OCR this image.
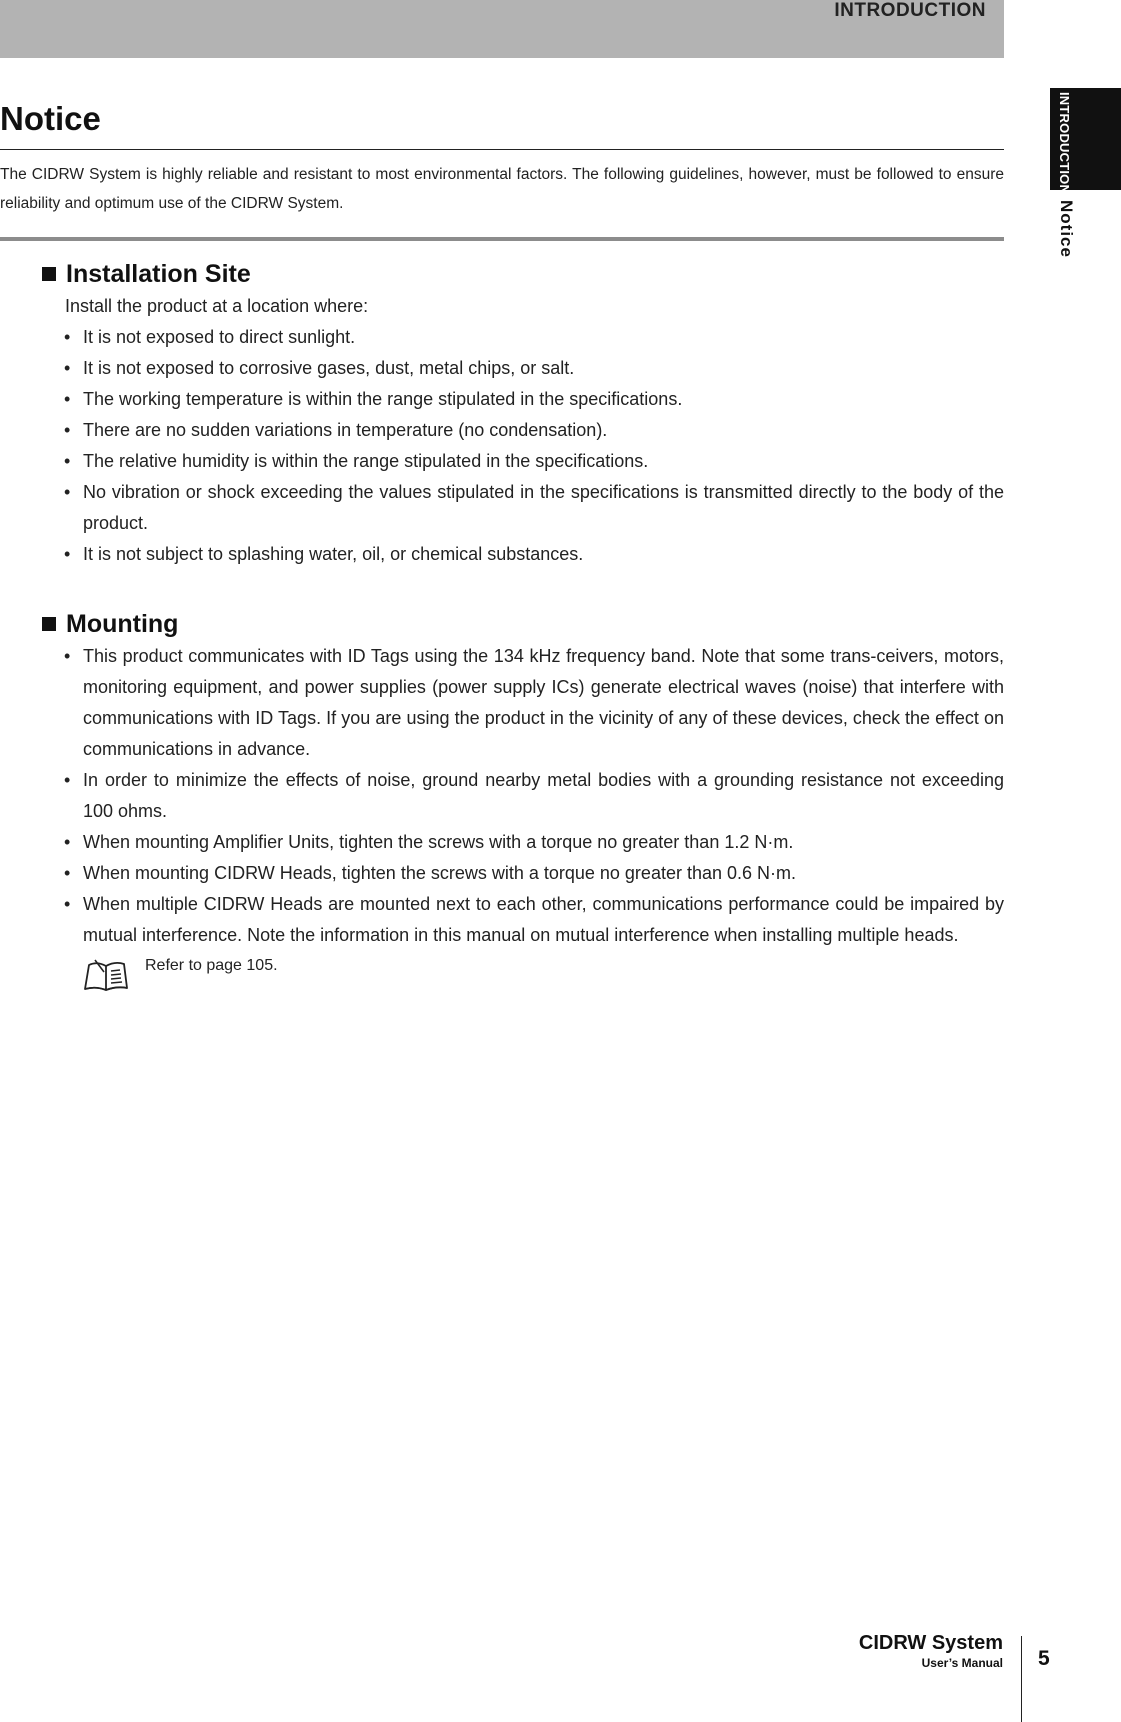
INTRODUCTION
INTRODUCTION
Notice
Notice

The CIDRW System is highly reliable and resistant to most environmental factors. The following guidelines, however, must be followed to ensure reliability and optimum use of the CIDRW System.

Installation Site

Install the product at a location where:

• It is not exposed to direct sunlight.
• It is not exposed to corrosive gases, dust, metal chips, or salt.
• The working temperature is within the range stipulated in the specifications.
• There are no sudden variations in temperature (no condensation).
• The relative humidity is within the range stipulated in the specifications.
• No vibration or shock exceeding the values stipulated in the specifications is transmitted directly to the body of the product.
• It is not subject to splashing water, oil, or chemical substances.
Mounting
• This product communicates with ID Tags using the 134 kHz frequency band. Note that some trans-ceivers, motors, monitoring equipment, and power supplies (power supply ICs) generate electrical waves (noise) that interfere with communications with ID Tags. If you are using the product in the vicinity of any of these devices, check the effect on communications in advance.
• In order to minimize the effects of noise, ground nearby metal bodies with a grounding resistance not exceeding 100 ohms.
• When mounting Amplifier Units, tighten the screws with a torque no greater than 1.2 N·m.
• When mounting CIDRW Heads, tighten the screws with a torque no greater than 0.6 N·m.
• When multiple CIDRW Heads are mounted next to each other, communications performance could be impaired by mutual interference. Note the information in this manual on mutual interference when installing multiple heads.
Refer to page 105.
CIDRW System
User’s Manual 5
